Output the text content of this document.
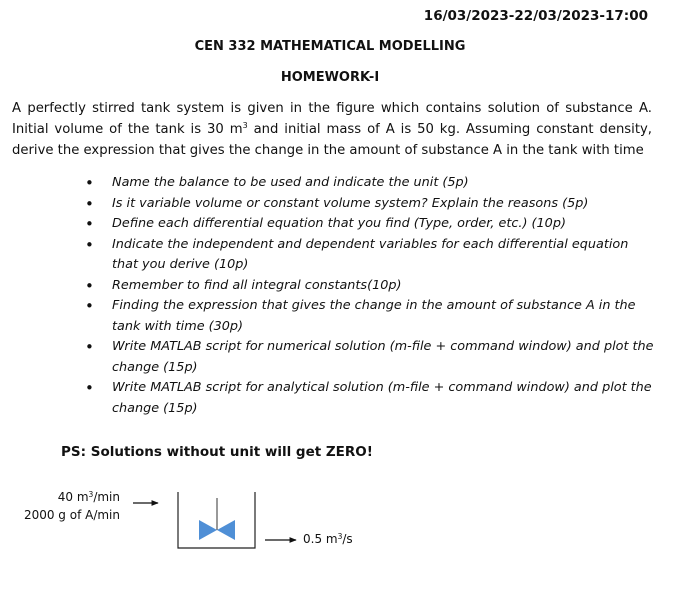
16/03/2023-22/03/2023-17:00
CEN 332 MATHEMATICAL MODELLING
HOMEWORK-I

A perfectly stirred tank system is given in the figure which contains solution of substance A. Initial volume of the tank is 30 $m^3$ and initial mass of A is 50 kg. Assuming constant density, derive the expression that gives the change in the amount of substance A in the tank with time

• Name the balance to be used and indicate the unit (5p)
• Is it variable volume or constant volume system? Explain the reasons (5p)
• Define each differential equation that you find (Type, order, etc.) (10p)
• Indicate the independent and dependent variables for each differential equation that you derive (10p)
• Remember to find all integral constants(10p)
• Finding the expression that gives the change in the amount of substance A in the tank with time (30p)
• Write MATLAB script for numerical solution (m-file + command window) and plot the change (15p)
• Write MATLAB script for analytical solution (m-file + command window) and plot the change (15p)
PS: Solutions without unit will get ZERO!
40 $m^3/\min$
2000 g of A/min
0.5 $m^3/s$
